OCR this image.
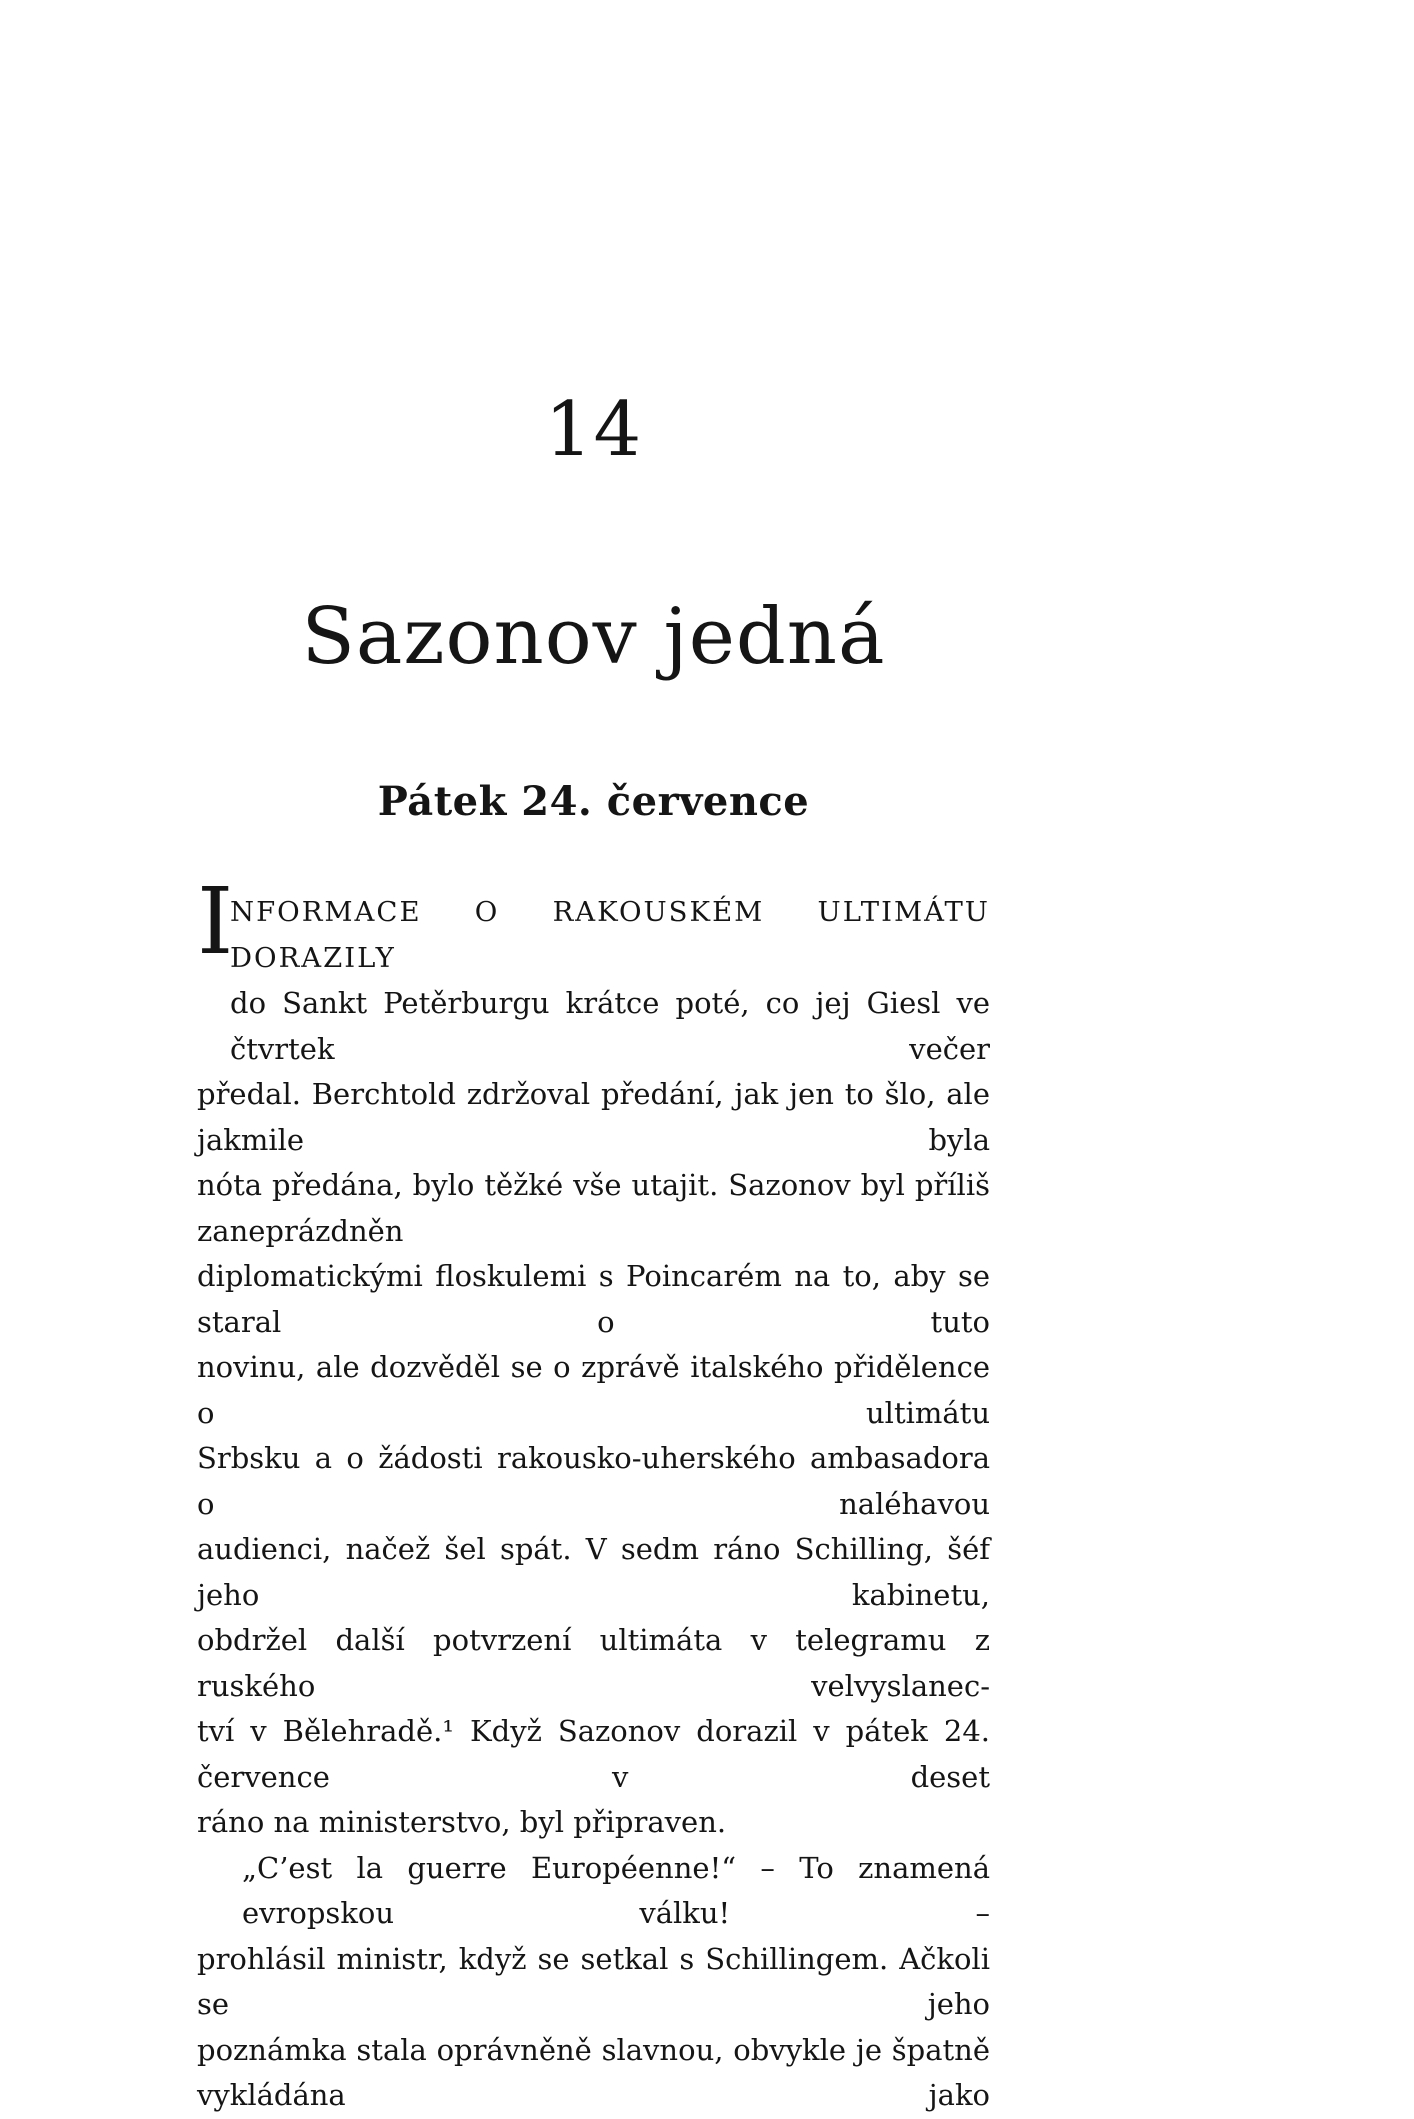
14
Sazonov jedná
Pátek 24. července
I
NFORMACE O RAKOUSKÉM ULTIMÁTU DORAZILY
do Sankt Petěrburgu krátce poté, co jej Giesl ve čtvrtek večer
předal. Berchtold zdržoval předání, jak jen to šlo, ale jakmile byla
nóta předána, bylo těžké vše utajit. Sazonov byl příliš zaneprázdněn
diplomatickými floskulemi s Poincarém na to, aby se staral o tuto
novinu, ale dozvěděl se o zprávě italského přidělence o ultimátu
Srbsku a o žádosti rakousko-uherského ambasadora o naléhavou
audienci, načež šel spát. V sedm ráno Schilling, šéf jeho kabinetu,
obdržel další potvrzení ultimáta v telegramu z ruského velvyslanec-
tví v Bělehradě.¹ Když Sazonov dorazil v pátek 24. července v deset
ráno na ministerstvo, byl připraven.
„C’est la guerre Européenne!“ – To znamená evropskou válku! –
prohlásil ministr, když se setkal s Schillingem. Ačkoli se jeho
poznámka stala oprávněně slavnou, obvykle je špatně vykládána jako
